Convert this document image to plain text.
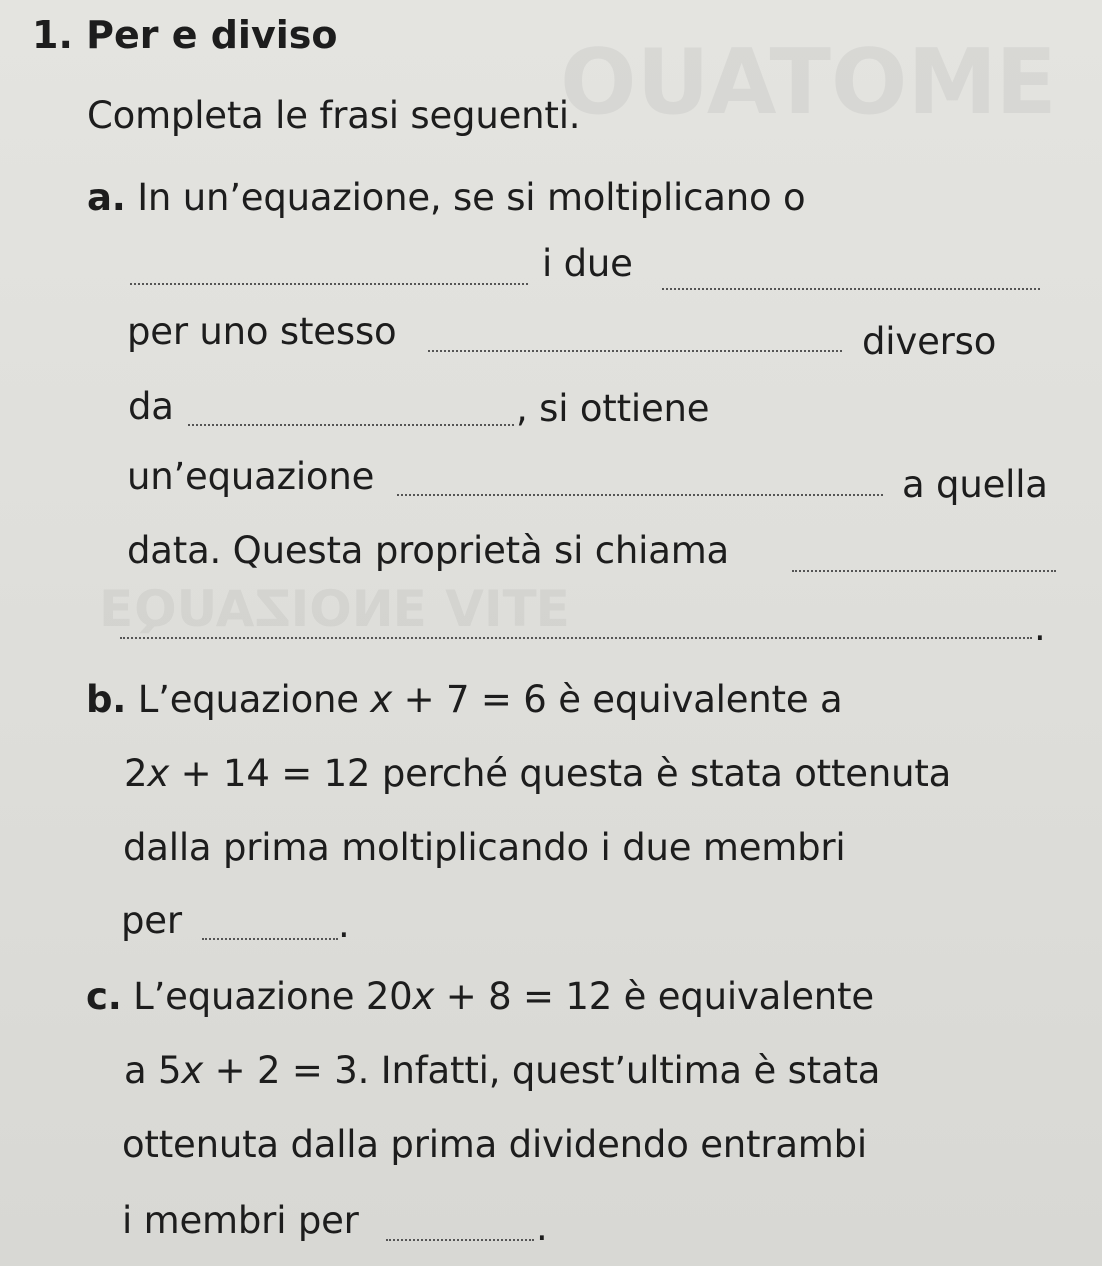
ƎMOTAUO
ƎTIV ƎNOIZAUQƎ
1. Per e diviso
Completa le frasi seguenti.
a. In un’equazione, se si moltiplicano o
i due
per uno stesso	diverso
da	, si ottiene
un’equazione	a quella
data. Questa proprietà si chiama
.
b. L’equazione x + 7 = 6 è equivalente a
2x + 14 = 12 perché questa è stata ottenuta
dalla prima moltiplicando i due membri
per	.
c. L’equazione 20x + 8 = 12 è equivalente
a 5x + 2 = 3. Infatti, quest’ultima è stata
ottenuta dalla prima dividendo entrambi
i membri per	.
